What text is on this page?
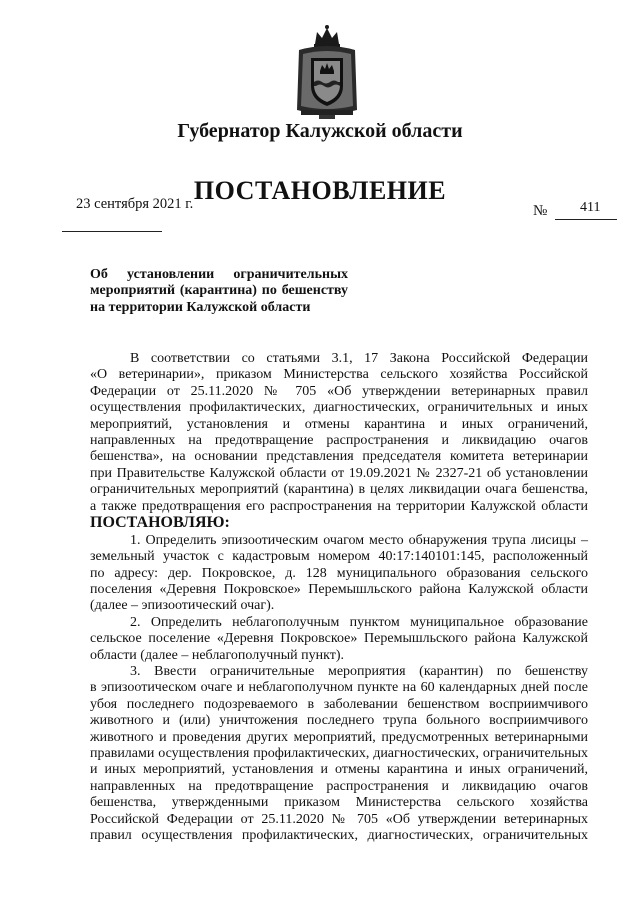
Губернатор Калужской области
ПОСТАНОВЛЕНИЕ
23 сентября 2021 г.	№ 411
Об установлении ограничительных
мероприятий (карантина) по бешенству
на территории Калужской области
В соответствии со статьями 3.1, 17 Закона Российской Федерации
«О ветеринарии», приказом Министерства сельского хозяйства Российской
Федерации от 25.11.2020 № 705 «Об утверждении ветеринарных правил
осуществления профилактических, диагностических, ограничительных и иных
мероприятий, установления и отмены карантина и иных ограничений,
направленных на предотвращение распространения и ликвидацию очагов
бешенства», на основании представления председателя комитета ветеринарии
при Правительстве Калужской области от 19.09.2021 № 2327-21 об установлении
ограничительных мероприятий (карантина) в целях ликвидации очага бешенства,
а также предотвращения его распространения на территории Калужской области
ПОСТАНОВЛЯЮ:
1. Определить эпизоотическим очагом место обнаружения трупа лисицы –
земельный участок с кадастровым номером 40:17:140101:145, расположенный
по адресу: дер. Покровское, д. 128 муниципального образования сельского
поселения «Деревня Покровское» Перемышльского района Калужской области
(далее – эпизоотический очаг).
2. Определить неблагополучным пунктом муниципальное образование
сельское поселение «Деревня Покровское» Перемышльского района Калужской
области (далее – неблагополучный пункт).
3. Ввести ограничительные мероприятия (карантин) по бешенству
в эпизоотическом очаге и неблагополучном пункте на 60 календарных дней после
убоя последнего подозреваемого в заболевании бешенством восприимчивого
животного и (или) уничтожения последнего трупа больного восприимчивого
животного и проведения других мероприятий, предусмотренных ветеринарными
правилами осуществления профилактических, диагностических, ограничительных
и иных мероприятий, установления и отмены карантина и иных ограничений,
направленных на предотвращение распространения и ликвидацию очагов
бешенства, утвержденными приказом Министерства сельского хозяйства
Российской Федерации от 25.11.2020 № 705 «Об утверждении ветеринарных
правил осуществления профилактических, диагностических, ограничительных
